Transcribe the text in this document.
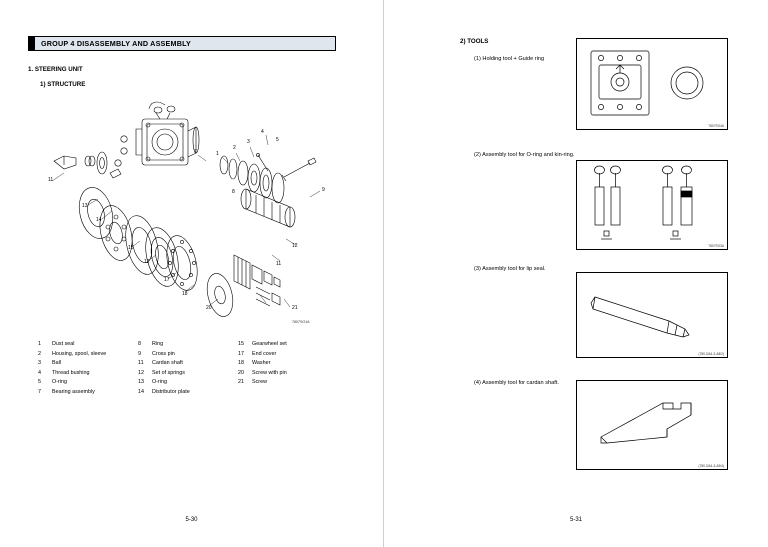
GROUP 4 DISASSEMBLY AND ASSEMBLY
1. STEERING UNIT
1) STRUCTURE
11
13
14
15
12
17
18
20	21
12
11
9
1
2
3
4
5
7
8
7807SO1A
1	Dust seal
2	Housing, spool, sleeve
3	Ball
4	Thread bushing
5	O-ring
7	Bearing assembly
8	Ring
9	Cross pin
11	Cardan shaft
12	Set of springs
13	O-ring
14	Distributor plate
15	Gearwheel set
17	End cover
18	Washer
20	Screw with pin
21	Screw
5-30
2) TOOLS
(1) Holding tool + Guide ring
7807SO4A
(2) Assembly tool for O-ring and kin-ring.
7807SO3A
(3) Assembly tool for lip seal.
(780-3/A1-3-A8/2)
(4) Assembly tool for cardan shaft.
(780-3/A1-3-A9/4)
5-31
